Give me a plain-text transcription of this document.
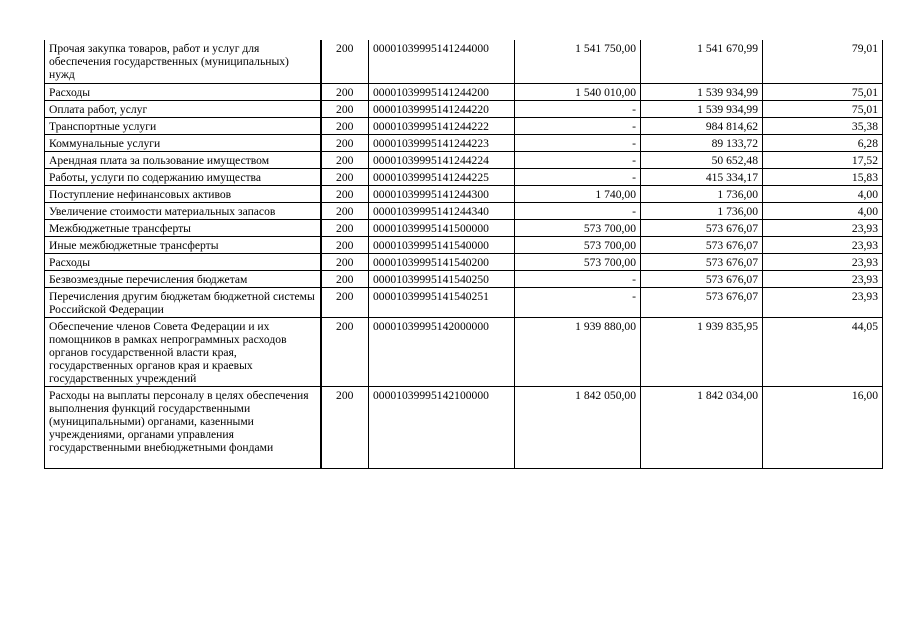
Прочая закупка товаров, работ и услуг для обеспечения государственных (муниципальных) нужд	200	00001039995141244000	1 541 750,00	1 541 670,99	79,01
Расходы	200	00001039995141244200	1 540 010,00	1 539 934,99	75,01
Оплата работ, услуг	200	00001039995141244220	-	1 539 934,99	75,01
Транспортные услуги	200	00001039995141244222	-	984 814,62	35,38
Коммунальные услуги	200	00001039995141244223	-	89 133,72	6,28
Арендная плата за пользование имуществом	200	00001039995141244224	-	50 652,48	17,52
Работы, услуги по содержанию имущества	200	00001039995141244225	-	415 334,17	15,83
Поступление нефинансовых активов	200	00001039995141244300	1 740,00	1 736,00	4,00
Увеличение стоимости материальных запасов	200	00001039995141244340	-	1 736,00	4,00
Межбюджетные трансферты	200	00001039995141500000	573 700,00	573 676,07	23,93
Иные межбюджетные трансферты	200	00001039995141540000	573 700,00	573 676,07	23,93
Расходы	200	00001039995141540200	573 700,00	573 676,07	23,93
Безвозмездные перечисления бюджетам	200	00001039995141540250	-	573 676,07	23,93
Перечисления другим бюджетам бюджетной системы Российской Федерации	200	00001039995141540251	-	573 676,07	23,93
Обеспечение членов Совета Федерации и их помощников в рамках непрограммных расходов органов государственной власти края, государственных органов края и краевых государственных учреждений	200	00001039995142000000	1 939 880,00	1 939 835,95	44,05
Расходы на выплаты персоналу в целях обеспечения выполнения функций государственными (муниципальными) органами, казенными учреждениями, органами управления государственными внебюджетными фондами	200	00001039995142100000	1 842 050,00	1 842 034,00	16,00
